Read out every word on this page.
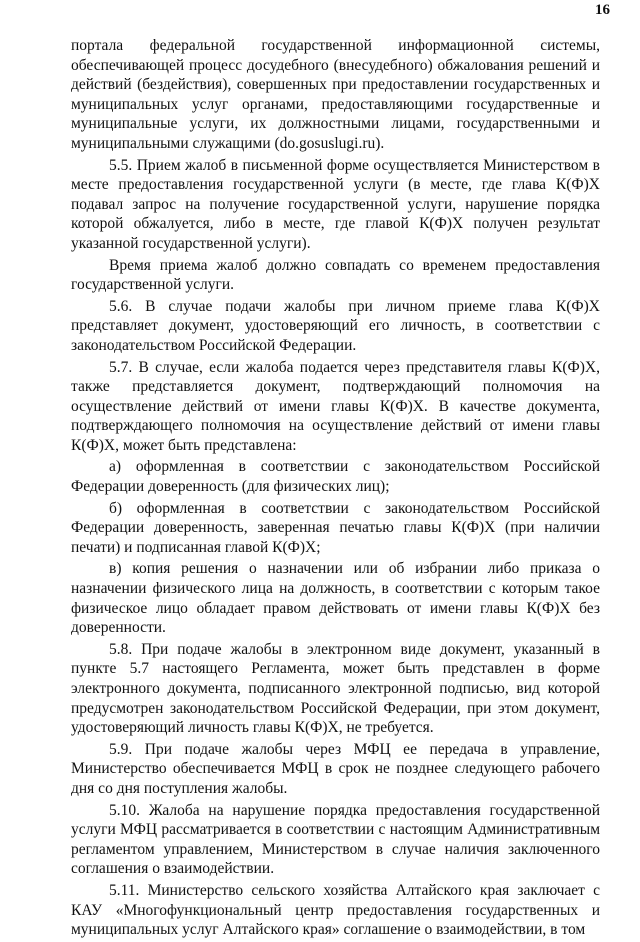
16

портала федеральной государственной информационной системы, обеспечивающей процесс досудебного (внесудебного) обжалования решений и действий (бездействия), совершенных при предоставлении государственных и муниципальных услуг органами, предоставляющими государственные и муниципальные услуги, их должностными лицами, государственными и муниципальными служащими (do.gosuslugi.ru).

5.5. Прием жалоб в письменной форме осуществляется Министерством в месте предоставления государственной услуги (в месте, где глава К(Ф)Х подавал запрос на получение государственной услуги, нарушение порядка которой обжалуется, либо в месте, где главой К(Ф)Х получен результат указанной государственной услуги).

Время приема жалоб должно совпадать со временем предоставления государственной услуги.

5.6. В случае подачи жалобы при личном приеме глава К(Ф)Х представляет документ, удостоверяющий его личность, в соответствии с законодательством Российской Федерации.

5.7. В случае, если жалоба подается через представителя главы К(Ф)Х, также представляется документ, подтверждающий полномочия на осуществление действий от имени главы К(Ф)Х. В качестве документа, подтверждающего полномочия на осуществление действий от имени главы К(Ф)Х, может быть представлена:

а) оформленная в соответствии с законодательством Российской Федерации доверенность (для физических лиц);

б) оформленная в соответствии с законодательством Российской Федерации доверенность, заверенная печатью главы К(Ф)Х (при наличии печати) и подписанная главой К(Ф)Х;

в) копия решения о назначении или об избрании либо приказа о назначении физического лица на должность, в соответствии с которым такое физическое лицо обладает правом действовать от имени главы К(Ф)Х без доверенности.

5.8. При подаче жалобы в электронном виде документ, указанный в пункте 5.7 настоящего Регламента, может быть представлен в форме электронного документа, подписанного электронной подписью, вид которой предусмотрен законодательством Российской Федерации, при этом документ, удостоверяющий личность главы К(Ф)Х, не требуется.

5.9. При подаче жалобы через МФЦ ее передача в управление, Министерство обеспечивается МФЦ в срок не позднее следующего рабочего дня со дня поступления жалобы.

5.10. Жалоба на нарушение порядка предоставления государственной услуги МФЦ рассматривается в соответствии с настоящим Административным регламентом управлением, Министерством в случае наличия заключенного соглашения о взаимодействии.

5.11. Министерство сельского хозяйства Алтайского края заключает с КАУ «Многофункциональный центр предоставления государственных и муниципальных услуг Алтайского края» соглашение о взаимодействии, в том
